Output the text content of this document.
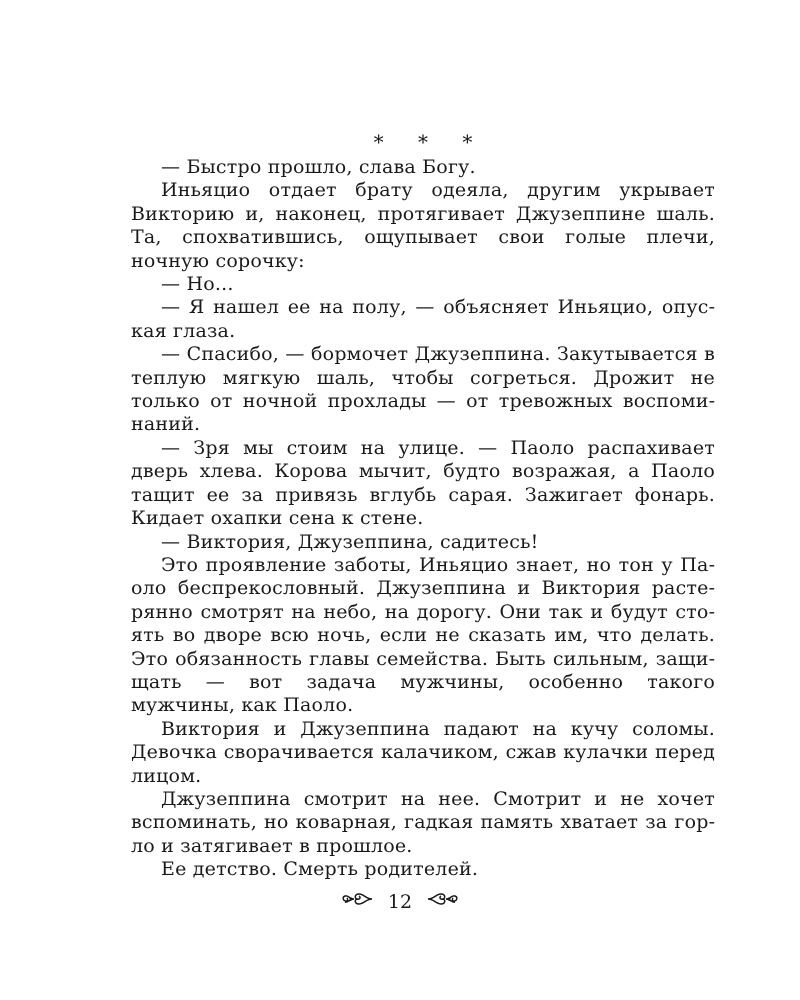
* * *

— Быстро прошло, слава Богу.

Иньяцио отдает брату одеяла, другим укрывает Викторию и, наконец, протягивает Джузеппине шаль. Та, спохватившись, ощупывает свои голые плечи, ночную сорочку:

— Но...

— Я нашел ее на полу, — объясняет Иньяцио, опуская глаза.

— Спасибо, — бормочет Джузеппина. Закутывается в теплую мягкую шаль, чтобы согреться. Дрожит не только от ночной прохлады — от тревожных воспоминаний.

— Зря мы стоим на улице. — Паоло распахивает дверь хлева. Корова мычит, будто возражая, а Паоло тащит ее за привязь вглубь сарая. Зажигает фонарь. Кидает охапки сена к стене.

— Виктория, Джузеппина, садитесь!

Это проявление заботы, Иньяцио знает, но тон у Паоло беспрекословный. Джузеппина и Виктория растерянно смотрят на небо, на дорогу. Они так и будут стоять во дворе всю ночь, если не сказать им, что делать. Это обязанность главы семейства. Быть сильным, защищать — вот задача мужчины, особенно такого мужчины, как Паоло.

Виктория и Джузеппина падают на кучу соломы. Девочка сворачивается калачиком, сжав кулачки перед лицом.

Джузеппина смотрит на нее. Смотрит и не хочет вспоминать, но коварная, гадкая память хватает за горло и затягивает в прошлое.

Ее детство. Смерть родителей.

12
